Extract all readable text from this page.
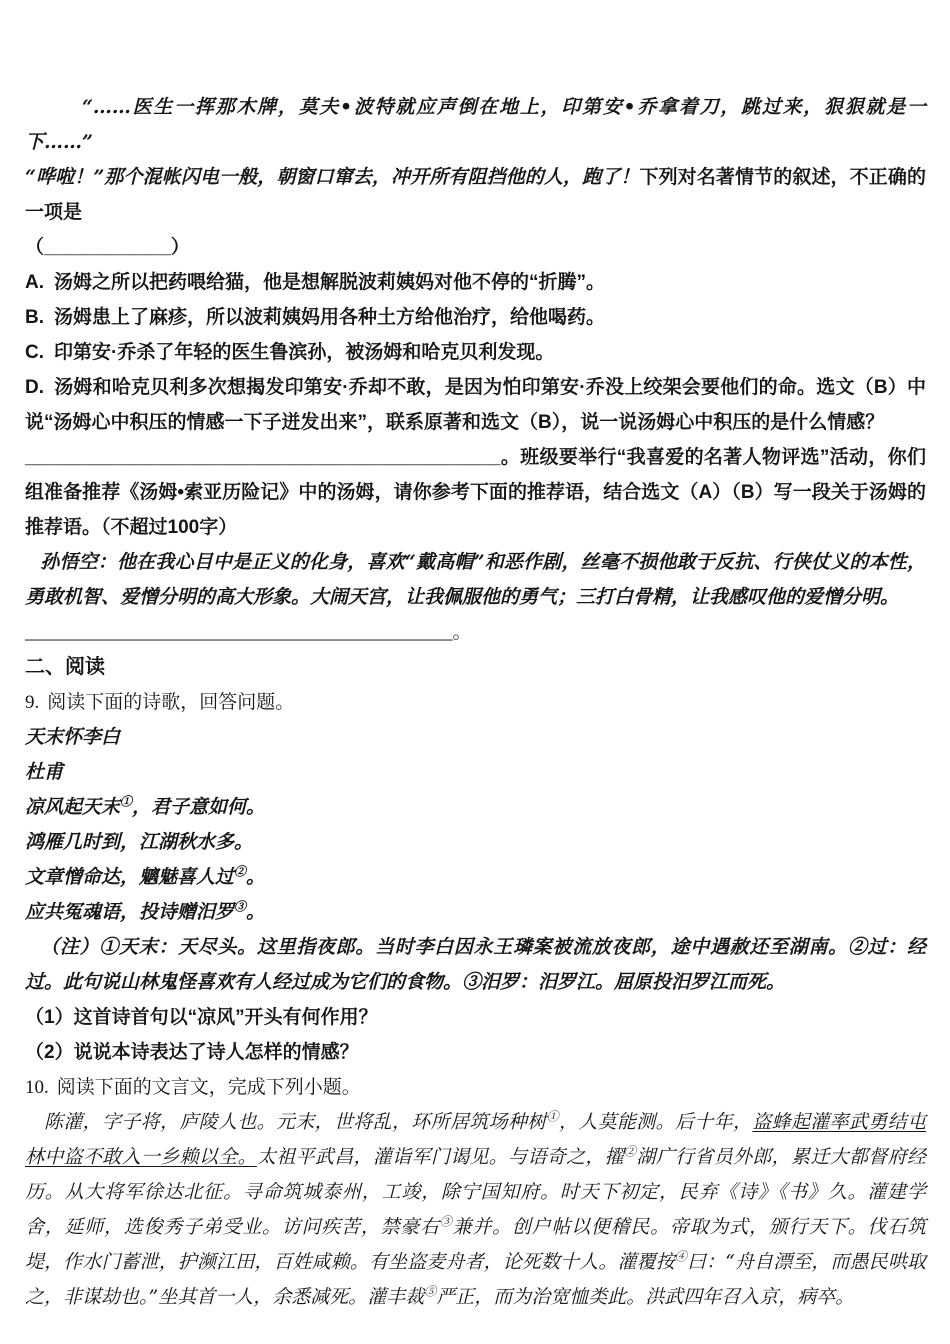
“……医生一挥那木牌，莫夫•波特就应声倒在地上，印第安•乔拿着刀，跳过来，狠狠就是一下……”

“哗啦！”那个混帐闪电一般，朝窗口窜去，冲开所有阻挡他的人，跑了！下列对名著情节的叙述，不正确的一项是

（____________）

A. 汤姆之所以把药喂给猫，他是想解脱波莉姨妈对他不停的“折腾”。

B. 汤姆患上了麻疹，所以波莉姨妈用各种土方给他治疗，给他喝药。

C. 印第安·乔杀了年轻的医生鲁滨孙，被汤姆和哈克贝利发现。

D. 汤姆和哈克贝利多次想揭发印第安·乔却不敢，是因为怕印第安·乔没上绞架会要他们的命。选文（B）中说“汤姆心中积压的情感一下子迸发出来”，联系原著和选文（B），说一说汤姆心中积压的是什么情感？

_____________________________________________。班级要举行“我喜爱的名著人物评选”活动，你们组准备推荐《汤姆•索亚历险记》中的汤姆，请你参考下面的推荐语，结合选文（A）（B）写一段关于汤姆的推荐语。（不超过100字）

孙悟空：他在我心目中是正义的化身，喜欢“戴高帽”和恶作剧，丝毫不损他敢于反抗、行侠仗义的本性，勇敢机智、爱憎分明的高大形象。大闹天宫，让我佩服他的勇气；三打白骨精，让我感叹他的爱憎分明。

_____________________________________________。

二、阅读

9. 阅读下面的诗歌，回答问题。

天末怀李白

杜甫

凉风起天末①，君子意如何。

鸿雁几时到，江湖秋水多。

文章憎命达，魑魅喜人过②。

应共冤魂语，投诗赠汨罗③。

（注）①天末：天尽头。这里指夜郎。当时李白因永王璘案被流放夜郎，途中遇赦还至湖南。②过：经过。此句说山林鬼怪喜欢有人经过成为它们的食物。③汨罗：汨罗江。屈原投汨罗江而死。

（1）这首诗首句以“凉风”开头有何作用？

（2）说说本诗表达了诗人怎样的情感？

10. 阅读下面的文言文，完成下列小题。

陈灌，字子将，庐陵人也。元末，世将乱，环所居筑场种树①，人莫能测。后十年，盗蜂起灌率武勇结屯林中盗不敢入一乡赖以全。太祖平武昌，灌诣军门谒见。与语奇之，擢②湖广行省员外郎，累迁大都督府经历。从大将军徐达北征。寻命筑城泰州，工竣，除宁国知府。时天下初定，民弃《诗》《书》久。灌建学舍，延师，选俊秀子弟受业。访问疾苦，禁豪右③兼并。创户帖以便稽民。帝取为式，颁行天下。伐石筑堤，作水门蓄泄，护濒江田，百姓咸赖。有坐盗麦舟者，论死数十人。灌覆按④曰：“舟自漂至，而愚民哄取之，非谋劫也。”坐其首一人，余悉减死。灌丰裁⑤严正，而为治宽恤类此。洪武四年召入京，病卒。
